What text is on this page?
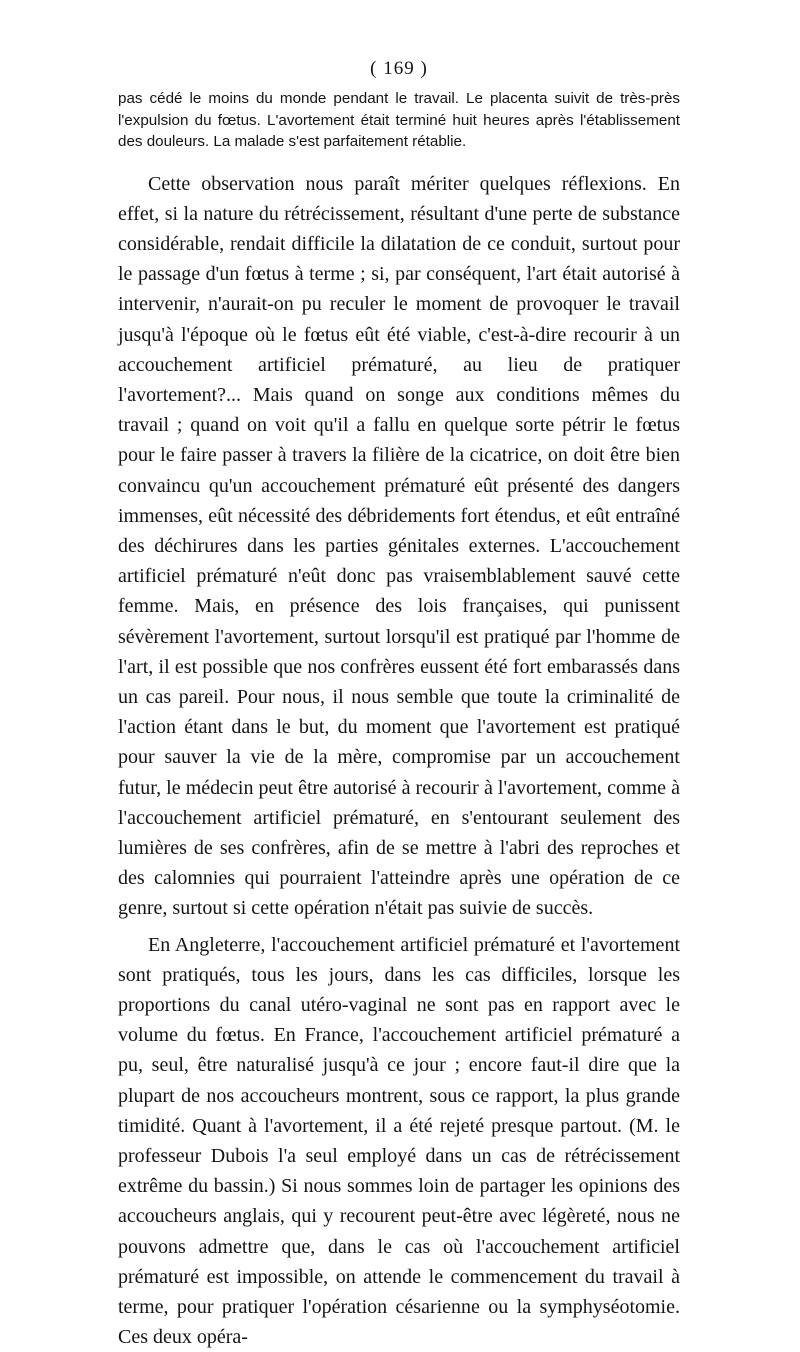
( 169 )

pas cédé le moins du monde pendant le travail. Le placenta suivit de très-près l'expulsion du fœtus. L'avortement était terminé huit heures après l'établissement des douleurs. La malade s'est parfaitement rétablie.

Cette observation nous paraît mériter quelques réflexions. En effet, si la nature du rétrécissement, résultant d'une perte de substance considérable, rendait difficile la dilatation de ce conduit, surtout pour le passage d'un fœtus à terme ; si, par conséquent, l'art était autorisé à intervenir, n'aurait-on pu reculer le moment de provoquer le travail jusqu'à l'époque où le fœtus eût été viable, c'est-à-dire recourir à un accouchement artificiel prématuré, au lieu de pratiquer l'avortement?... Mais quand on songe aux conditions mêmes du travail ; quand on voit qu'il a fallu en quelque sorte pétrir le fœtus pour le faire passer à travers la filière de la cicatrice, on doit être bien convaincu qu'un accouchement prématuré eût présenté des dangers immenses, eût nécessité des débridements fort étendus, et eût entraîné des déchirures dans les parties génitales externes. L'accouchement artificiel prématuré n'eût donc pas vraisemblablement sauvé cette femme. Mais, en présence des lois françaises, qui punissent sévèrement l'avortement, surtout lorsqu'il est pratiqué par l'homme de l'art, il est possible que nos confrères eussent été fort embarassés dans un cas pareil. Pour nous, il nous semble que toute la criminalité de l'action étant dans le but, du moment que l'avortement est pratiqué pour sauver la vie de la mère, compromise par un accouchement futur, le médecin peut être autorisé à recourir à l'avortement, comme à l'accouchement artificiel prématuré, en s'entourant seulement des lumières de ses confrères, afin de se mettre à l'abri des reproches et des calomnies qui pourraient l'atteindre après une opération de ce genre, surtout si cette opération n'était pas suivie de succès.

En Angleterre, l'accouchement artificiel prématuré et l'avortement sont pratiqués, tous les jours, dans les cas difficiles, lorsque les proportions du canal utéro-vaginal ne sont pas en rapport avec le volume du fœtus. En France, l'accouchement artificiel prématuré a pu, seul, être naturalisé jusqu'à ce jour ; encore faut-il dire que la plupart de nos accoucheurs montrent, sous ce rapport, la plus grande timidité. Quant à l'avortement, il a été rejeté presque partout. (M. le professeur Dubois l'a seul employé dans un cas de rétrécissement extrême du bassin.) Si nous sommes loin de partager les opinions des accoucheurs anglais, qui y recourent peut-être avec légèreté, nous ne pouvons admettre que, dans le cas où l'accouchement artificiel prématuré est impossible, on attende le commencement du travail à terme, pour pratiquer l'opération césarienne ou la symphyséotomie. Ces deux opéra-
